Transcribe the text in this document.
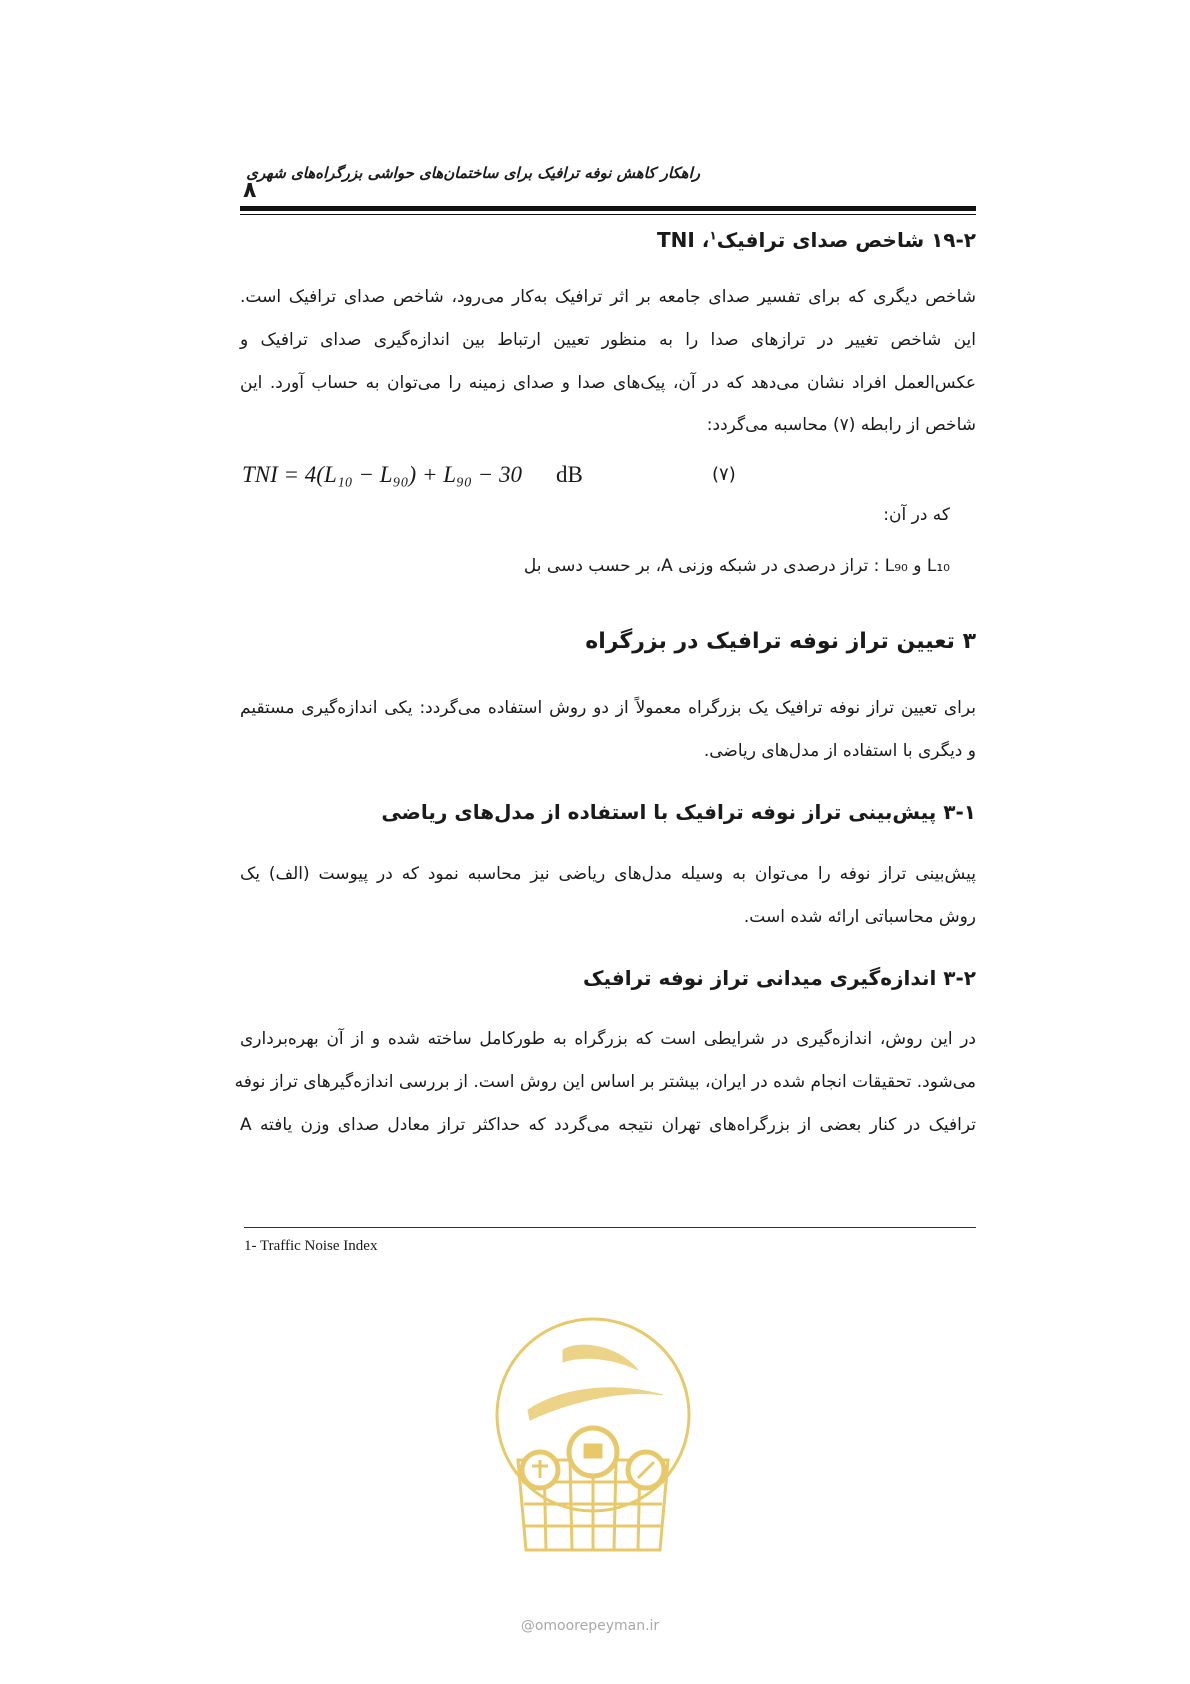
راهکار کاهش نوفه ترافیک برای ساختمان‌های حواشی بزرگراه‌های شهری
۸
۱۹-۲ شاخص صدای ترافیک$^۱$، TNI
شاخص دیگری که برای تفسیر صدای جامعه بر اثر ترافیک به‌کار می‌رود، شاخص صدای ترافیک است.
این شاخص تغییر در ترازهای صدا را به منظور تعیین ارتباط بین اندازه‌گیری صدای ترافیک و
عکس‌العمل افراد نشان می‌دهد که در آن، پیک‌های صدا و صدای زمینه را می‌توان به حساب آورد. این
شاخص از رابطه (۷) محاسبه می‌گردد:
TNI = 4(L₁₀ − L₉₀) + L₉₀ − 30 dB	(۷)
که در آن:
L₁₀ و L₉₀ : تراز درصدی در شبکه وزنی A، بر حسب دسی بل
۳ تعیین تراز نوفه ترافیک در بزرگراه
برای تعیین تراز نوفه ترافیک یک بزرگراه معمولاً از دو روش استفاده می‌گردد: یکی اندازه‌گیری مستقیم
و دیگری با استفاده از مدل‌های ریاضی.
۳-۱ پیش‌بینی تراز نوفه ترافیک با استفاده از مدل‌های ریاضی
پیش‌بینی تراز نوفه را می‌توان به وسیله مدل‌های ریاضی نیز محاسبه نمود که در پیوست (الف) یک
روش محاسباتی ارائه شده است.
۳-۲ اندازه‌گیری میدانی تراز نوفه ترافیک
در این روش، اندازه‌گیری در شرایطی است که بزرگراه به طورکامل ساخته شده و از آن بهره‌برداری
می‌شود. تحقیقات انجام شده در ایران، بیشتر بر اساس این روش است. از بررسی اندازه‌گیرهای تراز نوفه
ترافیک در کنار بعضی از بزرگراه‌های تهران نتیجه می‌گردد که حداکثر تراز معادل صدای وزن یافته A
1- Traffic Noise Index
@omoorepeyman.ir
